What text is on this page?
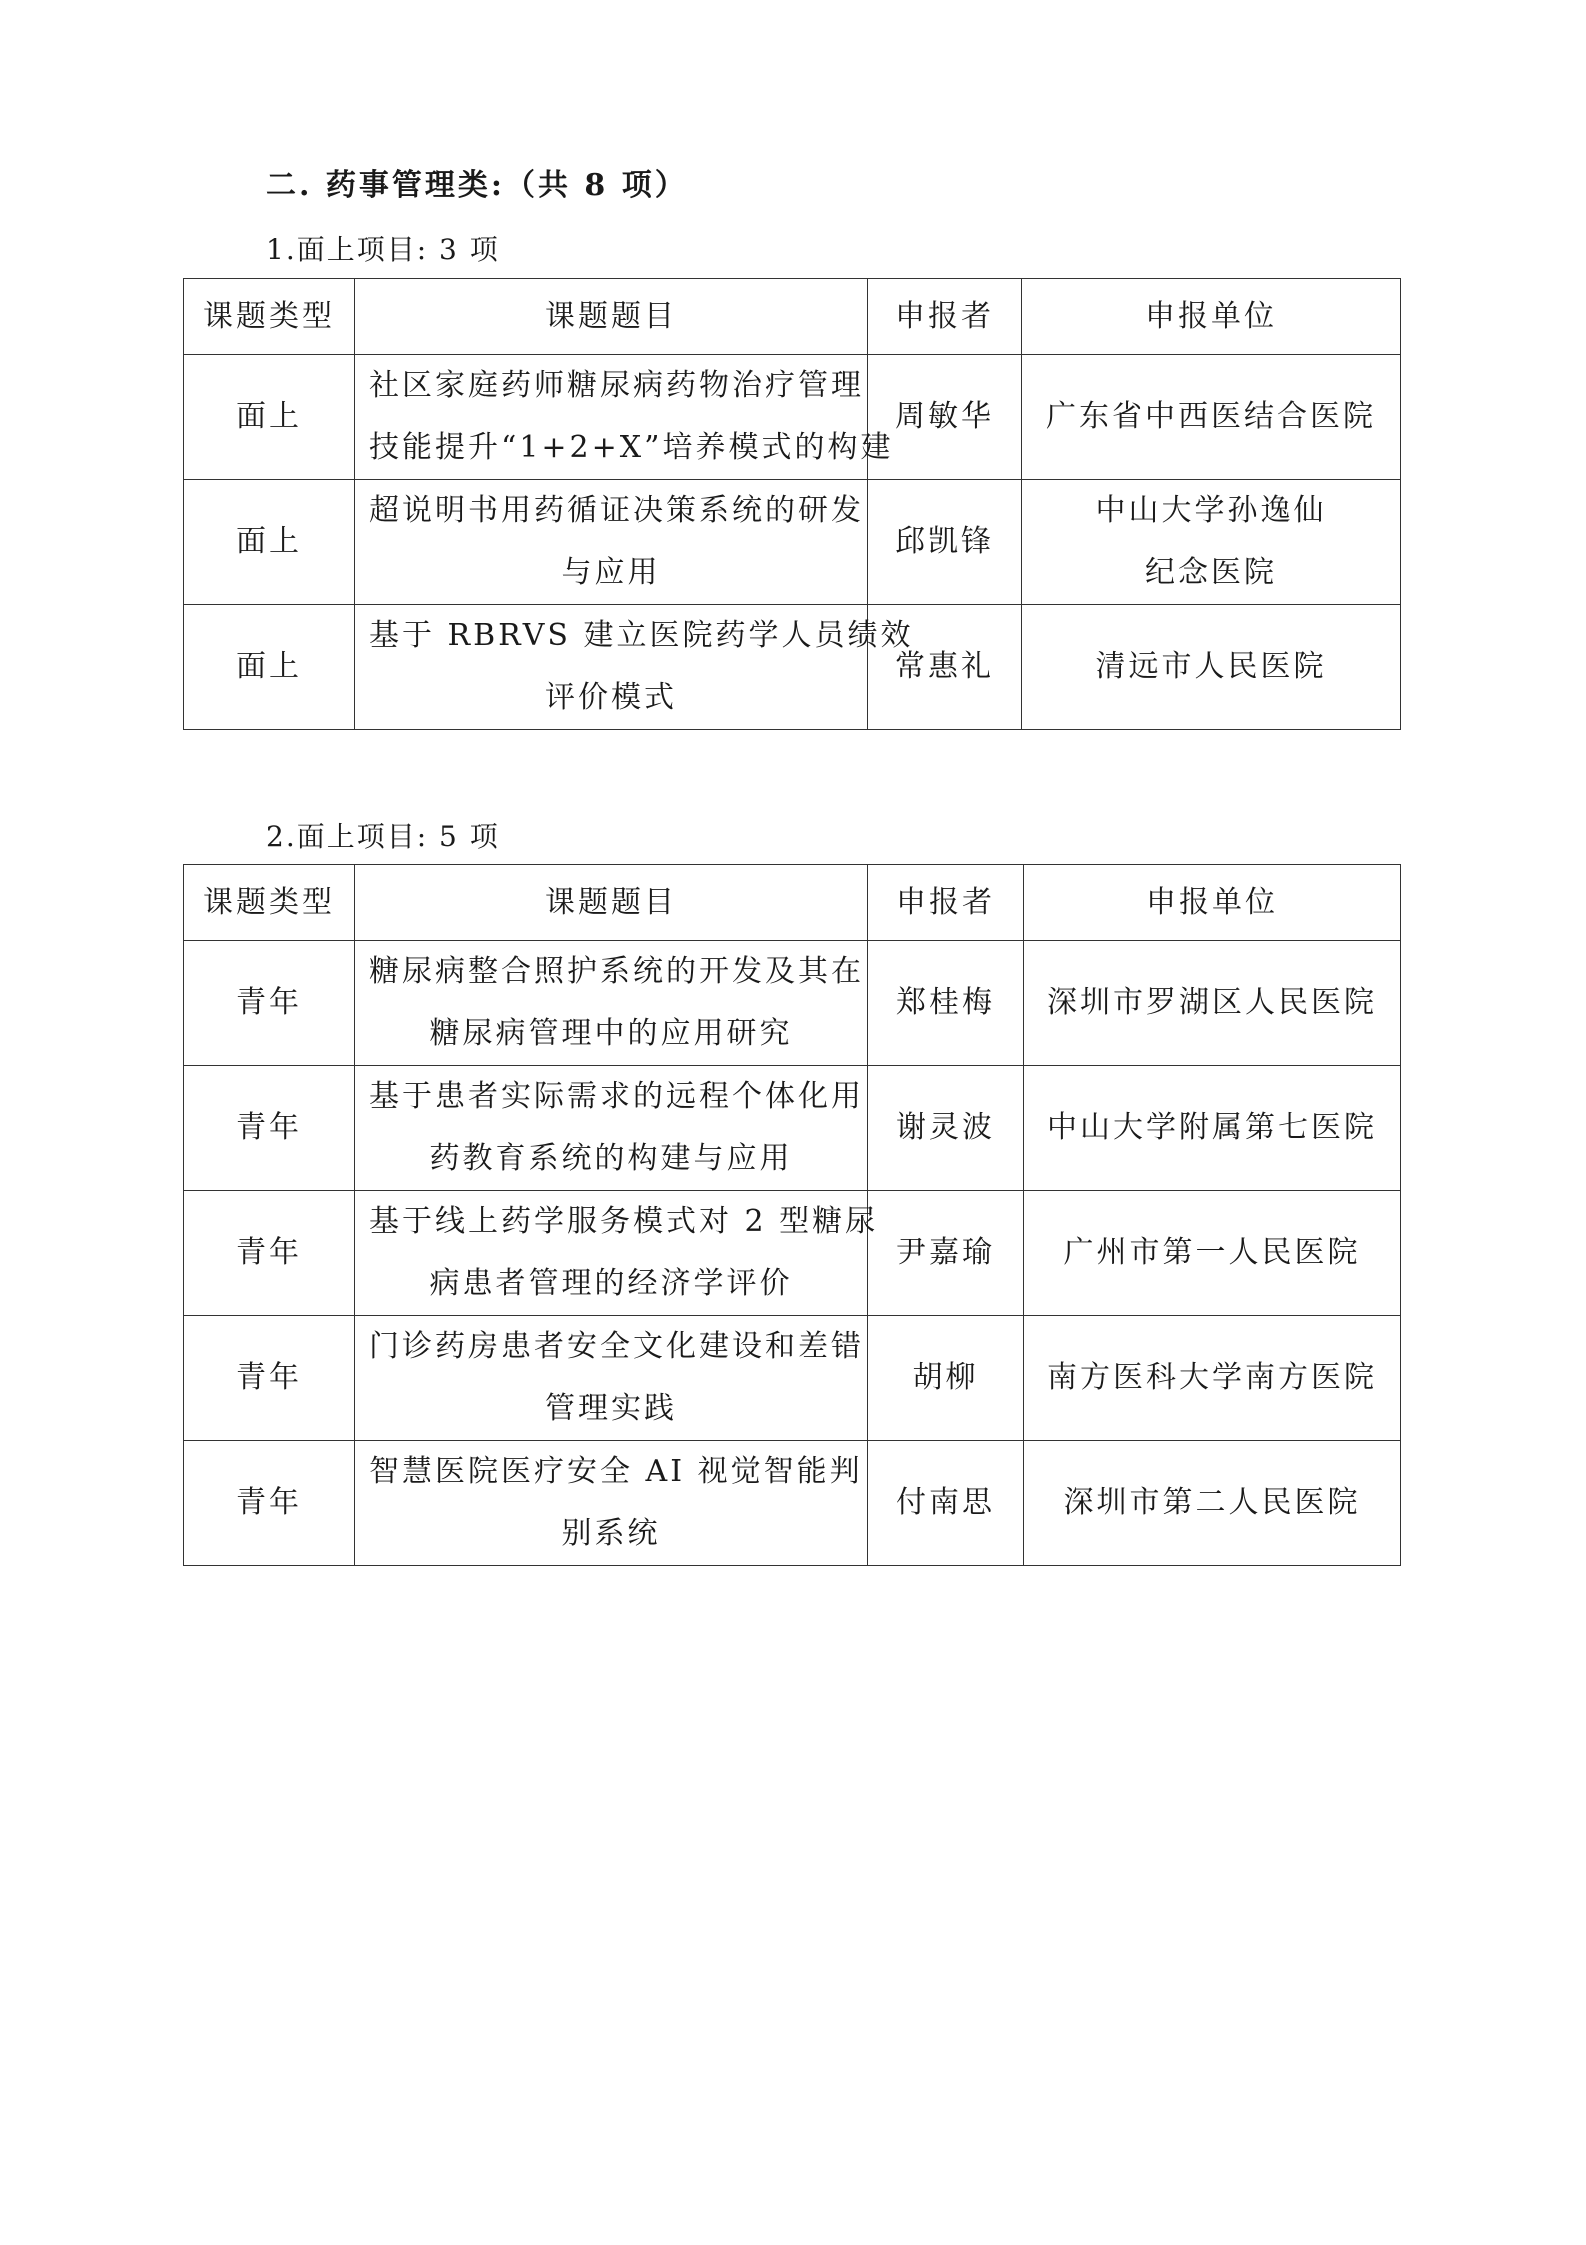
二. 药事管理类:（共 8 项）
1.面上项目: 3 项
课题类型	课题题目	申报者	申报单位
面上	社区家庭药师糖尿病药物治疗管理
技能提升“1+2+X”培养模式的构建	周敏华	广东省中西医结合医院

面上	超说明书用药循证决策系统的研发
与应用	邱凯锋	中山大学孙逸仙
纪念医院

面上	基于 RBRVS 建立医院药学人员绩效
评价模式	常惠礼	清远市人民医院
2.面上项目: 5 项
课题类型	课题题目	申报者	申报单位
青年	糖尿病整合照护系统的开发及其在
糖尿病管理中的应用研究	郑桂梅	深圳市罗湖区人民医院

青年	基于患者实际需求的远程个体化用
药教育系统的构建与应用	谢灵波	中山大学附属第七医院

青年	基于线上药学服务模式对 2 型糖尿
病患者管理的经济学评价	尹嘉瑜	广州市第一人民医院

青年	门诊药房患者安全文化建设和差错
管理实践	胡柳	南方医科大学南方医院

青年	智慧医院医疗安全 AI 视觉智能判
别系统	付南思	深圳市第二人民医院
